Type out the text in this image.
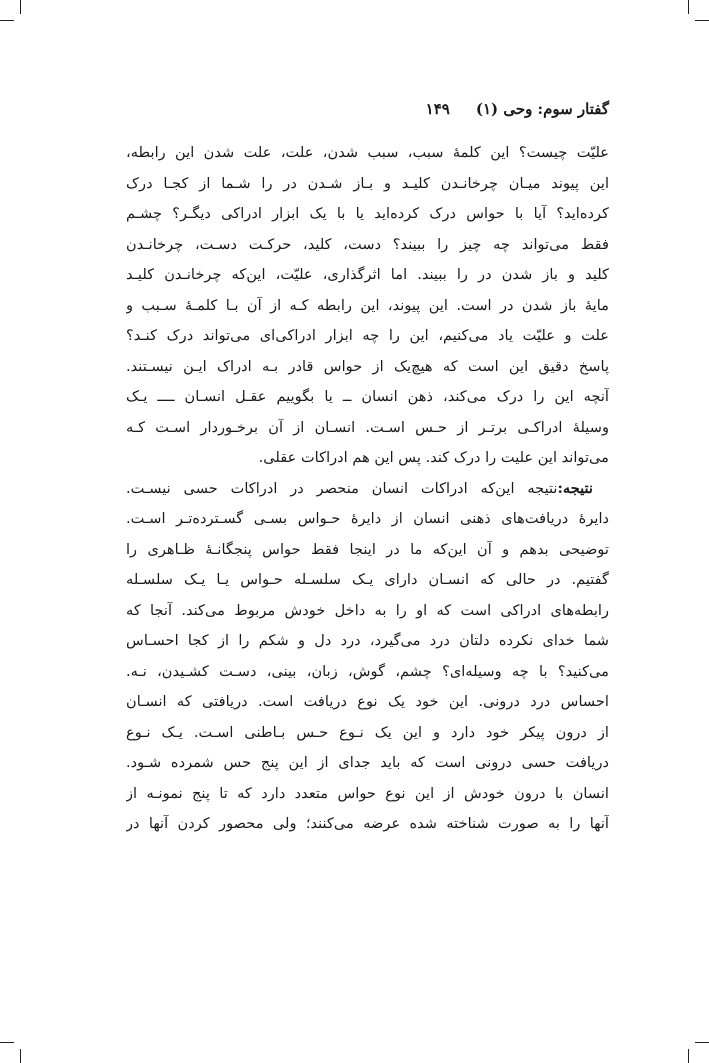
گفتار سوم: وحی (۱)
۱۴۹

علیّت چیست؟ این کلمهٔ سبب، سبب شدن، علت، علت شدن این رابطه،

این پیوند میـان چرخانـدن کلیـد و بـاز شـدن در را شـما از کجـا درک

کرده‌اید؟ آیا با حواس درک کرده‌اید یا با یک ابزار ادراکی دیگـر؟ چشـم

فقط می‌تواند چه چیز را ببیند؟ دست، کلید، حرکـت دسـت، چرخانـدن

کلید و باز شدن در را ببیند. اما اثرگذاری، علیّت، این‌که چرخانـدن کلیـد

مایهٔ باز شدن در است. این پیوند، این رابطه کـه از آن بـا کلمـهٔ سـبب و

علت و علیّت یاد می‌کنیم، این را چه ابزار ادراکی‌ای می‌تواند درک کنـد؟

پاسخ دقیق این است که هیچ‌یک از حواس قادر بـه ادراک ایـن نیسـتند.

آنچه این را درک می‌کند، ذهن انسان ــ یا بگوییم عقـل انسـان ــــ یـک

وسیلهٔ ادراکـی برتـر از حـس اسـت. انسـان از آن برخـوردار اسـت کـه

می‌تواند این علیت را درک کند. پس این هم ادراکات عقلی.

نتیجه:نتیجه این‌که ادراکات انسان منحصر در ادراکات حسی نیسـت.

دایرهٔ دریافت‌های ذهنی انسان از دایرهٔ حـواس بسـی گسـترده‌تـر اسـت.

توضیحی بدهم و آن این‌که ما در اینجا فقط حواس پنجگانـهٔ ظـاهری را

گفتیم. در حالی که انسـان دارای یـک سلسـله حـواس یـا یـک سلسـله

رابطه‌های ادراکی است که او را به داخل خودش مربوط می‌کند. آنجا که

شما خدای نکرده دلتان درد می‌گیرد، درد دل و شکم را از کجا احسـاس

می‌کنید؟ با چه وسیله‌ای؟ چشم، گوش، زبان، بینی، دسـت کشـیدن، نـه.

احساس درد درونی. این خود یک نوع دریافت است. دریافتی که انسـان

از درون پیکر خود دارد و این یک نـوع حـس بـاطنی اسـت. یـک نـوع

دریافت حسی درونی است که باید جدای از این پنج حس شمرده شـود.

انسان با درون خودش از این نوع حواس متعدد دارد که تا پنج نمونـه از

آنها را به صورت شناخته شده عرضه می‌کنند؛ ولی محصور کردن آنها در
